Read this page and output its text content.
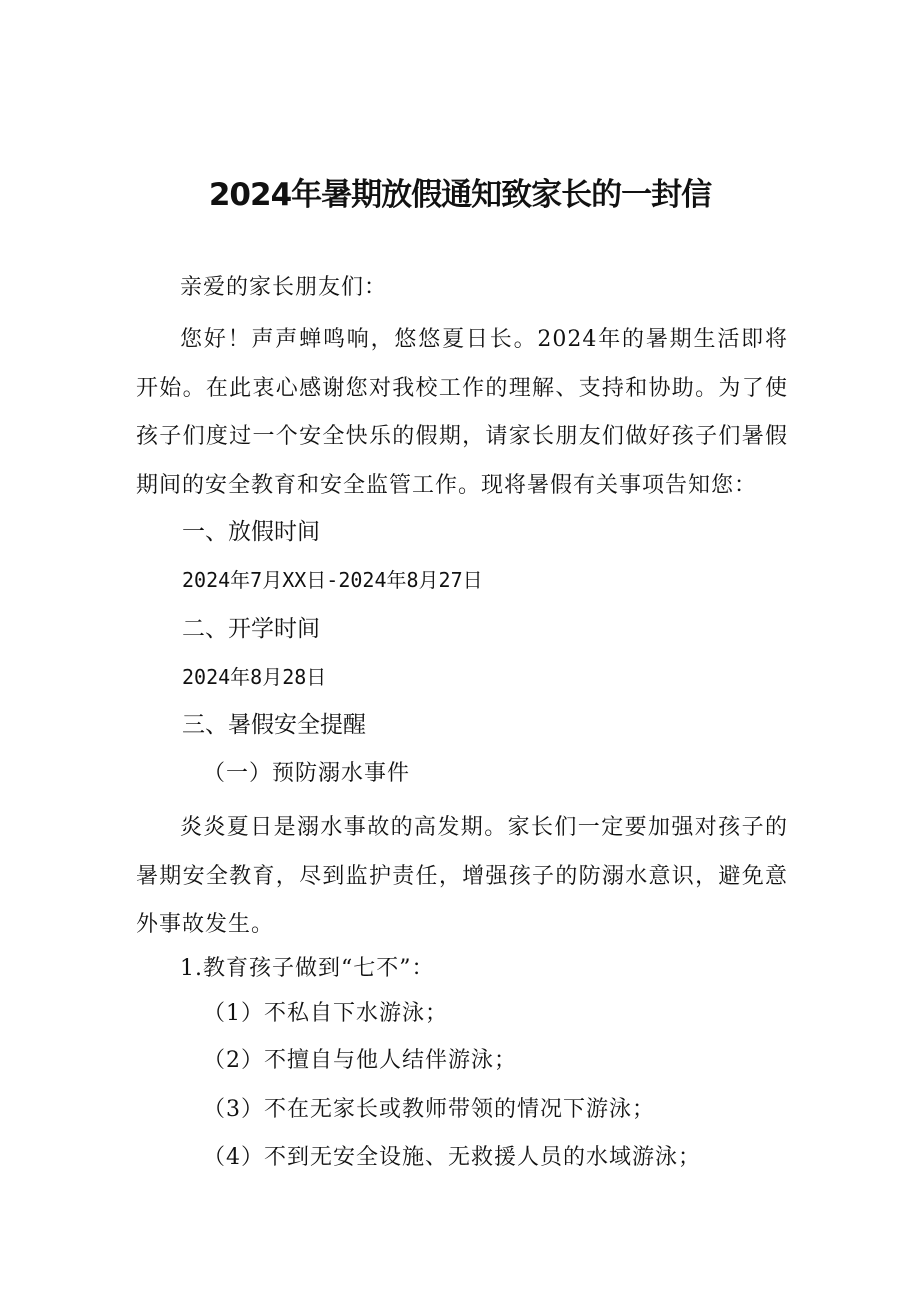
2024年暑期放假通知致家长的一封信
亲爱的家长朋友们：
您好！声声蝉鸣响，悠悠夏日长。2024年的暑期生活即将开始。在此衷心感谢您对我校工作的理解、支持和协助。为了使孩子们度过一个安全快乐的假期，请家长朋友们做好孩子们暑假期间的安全教育和安全监管工作。现将暑假有关事项告知您：
一、放假时间
2024年7月XX日-2024年8月27日
二、开学时间
2024年8月28日
三、暑假安全提醒
（一）预防溺水事件
炎炎夏日是溺水事故的高发期。家长们一定要加强对孩子的暑期安全教育，尽到监护责任，增强孩子的防溺水意识，避免意外事故发生。
1.教育孩子做到“七不”：
（1）不私自下水游泳；
（2）不擅自与他人结伴游泳；
（3）不在无家长或教师带领的情况下游泳；
（4）不到无安全设施、无救援人员的水域游泳；
